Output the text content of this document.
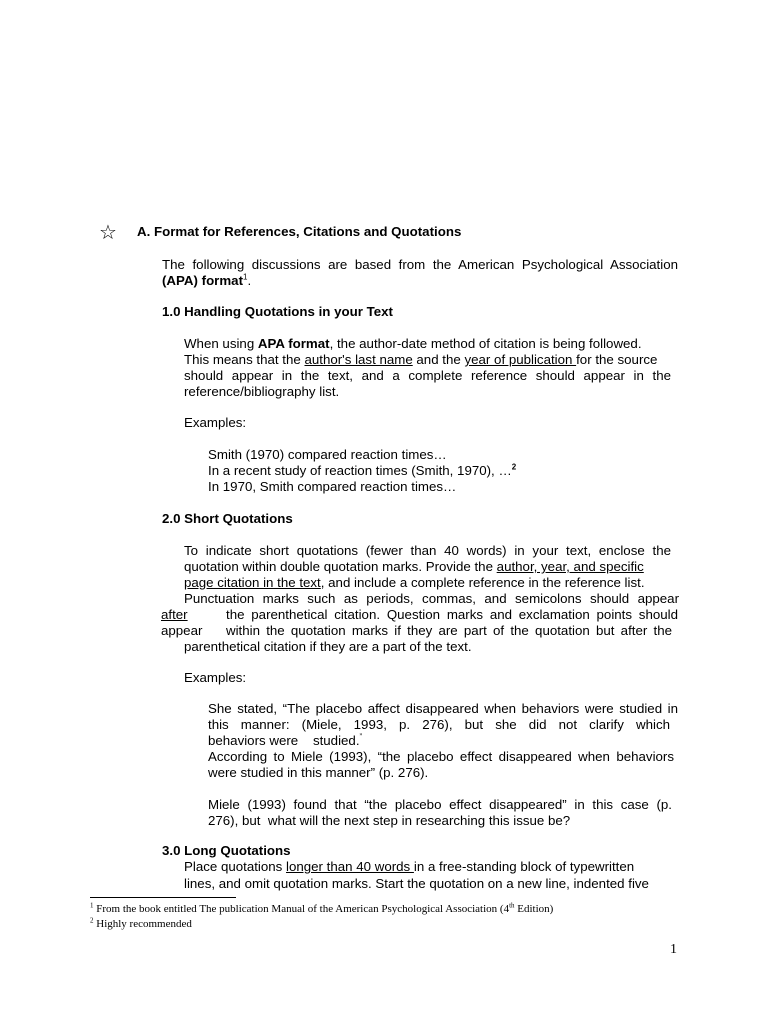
☆ A. Format for References, Citations and Quotations
The following discussions are based from the American Psychological Association
(APA) format$^1$.
1.0 Handling Quotations in your Text
When using APA format, the author-date method of citation is being followed.
This means that the author's last name and the year of publication for the source
should appear in the text, and a complete reference should appear in the
reference/bibliography list.
Examples:
Smith (1970) compared reaction times…
In a recent study of reaction times (Smith, 1970), …$^2$
In 1970, Smith compared reaction times…
2.0 Short Quotations
To indicate short quotations (fewer than 40 words) in your text, enclose the
quotation within double quotation marks. Provide the author, year, and specific
page citation in the text, and include a complete reference in the reference list.
Punctuation marks such as periods, commas, and semicolons should appear
after	the parenthetical citation. Question marks and exclamation points should
appear within the quotation marks if they are part of the quotation but after the
parenthetical citation if they are a part of the text.
Examples:
She stated, “The placebo affect disappeared when behaviors were studied in
this manner: (Miele, 1993, p. 276), but she did not clarify which
behaviors were    studied.”
According to Miele (1993), “the placebo effect disappeared when behaviors
were studied in this manner” (p. 276).
Miele (1993) found that “the placebo effect disappeared” in this case (p.
276), but  what will the next step in researching this issue be?
3.0 Long Quotations
Place quotations longer than 40 words in a free-standing block of typewritten
lines, and omit quotation marks. Start the quotation on a new line, indented five
$^1$ From the book entitled The publication Manual of the American Psychological Association (4th Edition)
$^2$ Highly recommended
1
